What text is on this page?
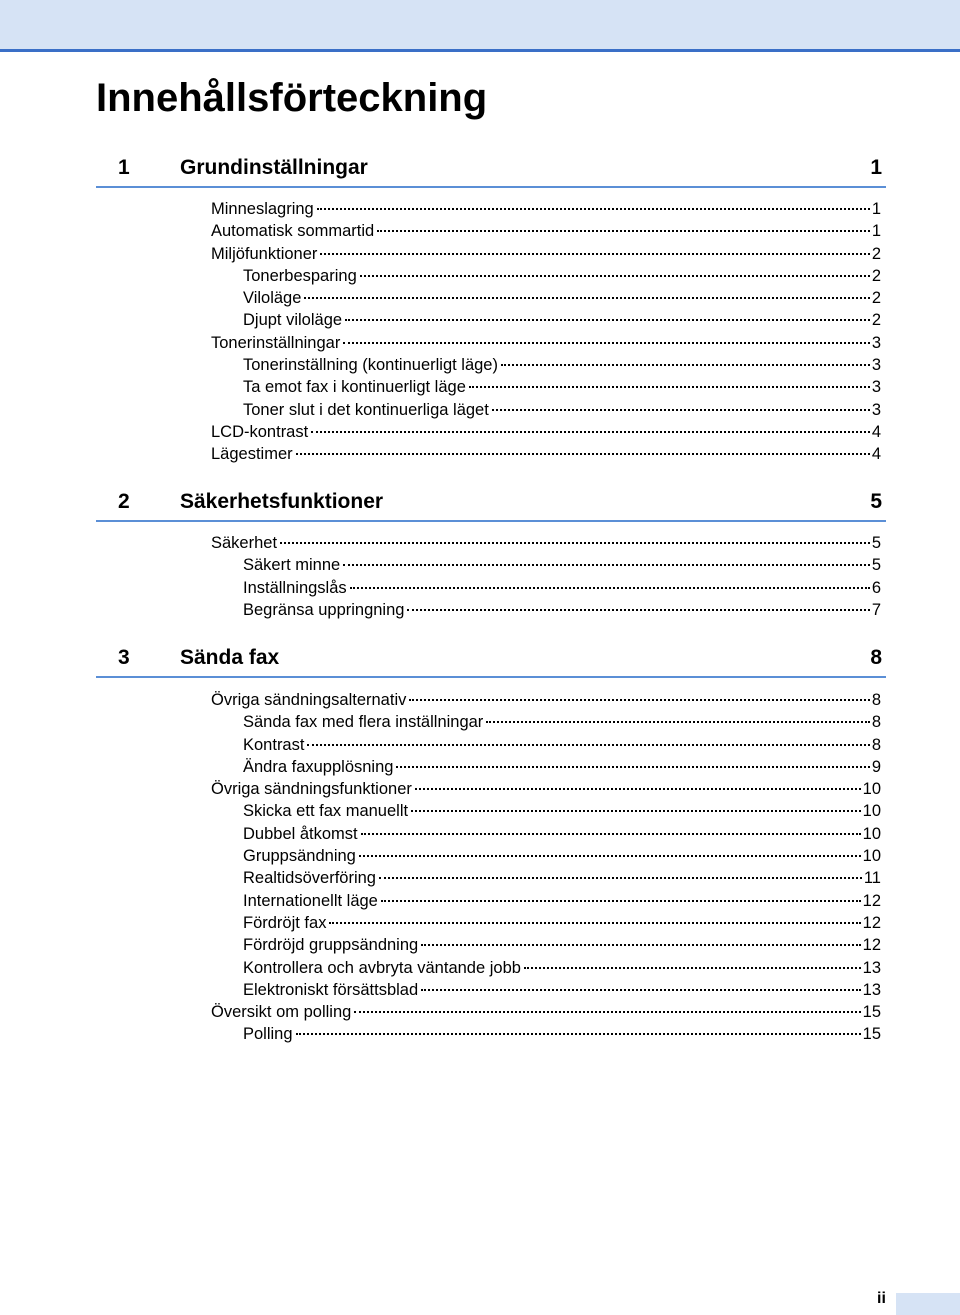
Innehållsförteckning
1 Grundinställningar	1
Minneslagring	1
Automatisk sommartid	1
Miljöfunktioner	2
Tonerbesparing	2
Viloläge	2
Djupt viloläge	2
Tonerinställningar	3
Tonerinställning (kontinuerligt läge)	3
Ta emot fax i kontinuerligt läge	3
Toner slut i det kontinuerliga läget	3
LCD-kontrast	4
Lägestimer	4
2 Säkerhetsfunktioner	5
Säkerhet	5
Säkert minne	5
Inställningslås	6
Begränsa uppringning	7
3 Sända fax	8
Övriga sändningsalternativ	8
Sända fax med flera inställningar	8
Kontrast	8
Ändra faxupplösning	9
Övriga sändningsfunktioner	10
Skicka ett fax manuellt	10
Dubbel åtkomst	10
Gruppsändning	10
Realtidsöverföring	11
Internationellt läge	12
Fördröjt fax	12
Fördröjd gruppsändning	12
Kontrollera och avbryta väntande jobb	13
Elektroniskt försättsblad	13
Översikt om polling	15
Polling	15
ii
